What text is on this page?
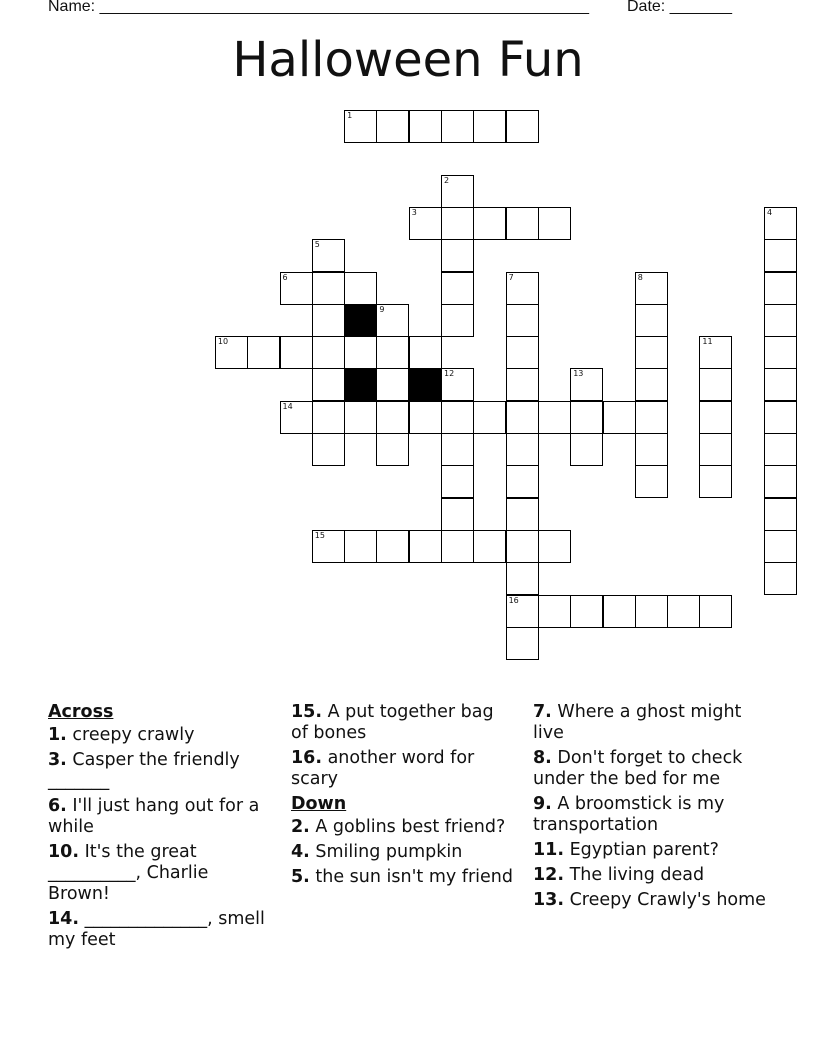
Name: _______________________________________________________ Date: _______
Halloween Fun
1
2
3	4
5
6	7	8
9
10	11
12	13
14
15
16
Across
1. creepy crawly
3. Casper the friendly _______
6. I'll just hang out for a while
10. It's the great __________, Charlie Brown!
14. ______________, smell my feet
15. A put together bag of bones
16. another word for scary
Down
2. A goblins best friend?
4. Smiling pumpkin
5. the sun isn't my friend
7. Where a ghost might live
8. Don't forget to check under the bed for me
9. A broomstick is my transportation
11. Egyptian parent?
12. The living dead
13. Creepy Crawly's home
